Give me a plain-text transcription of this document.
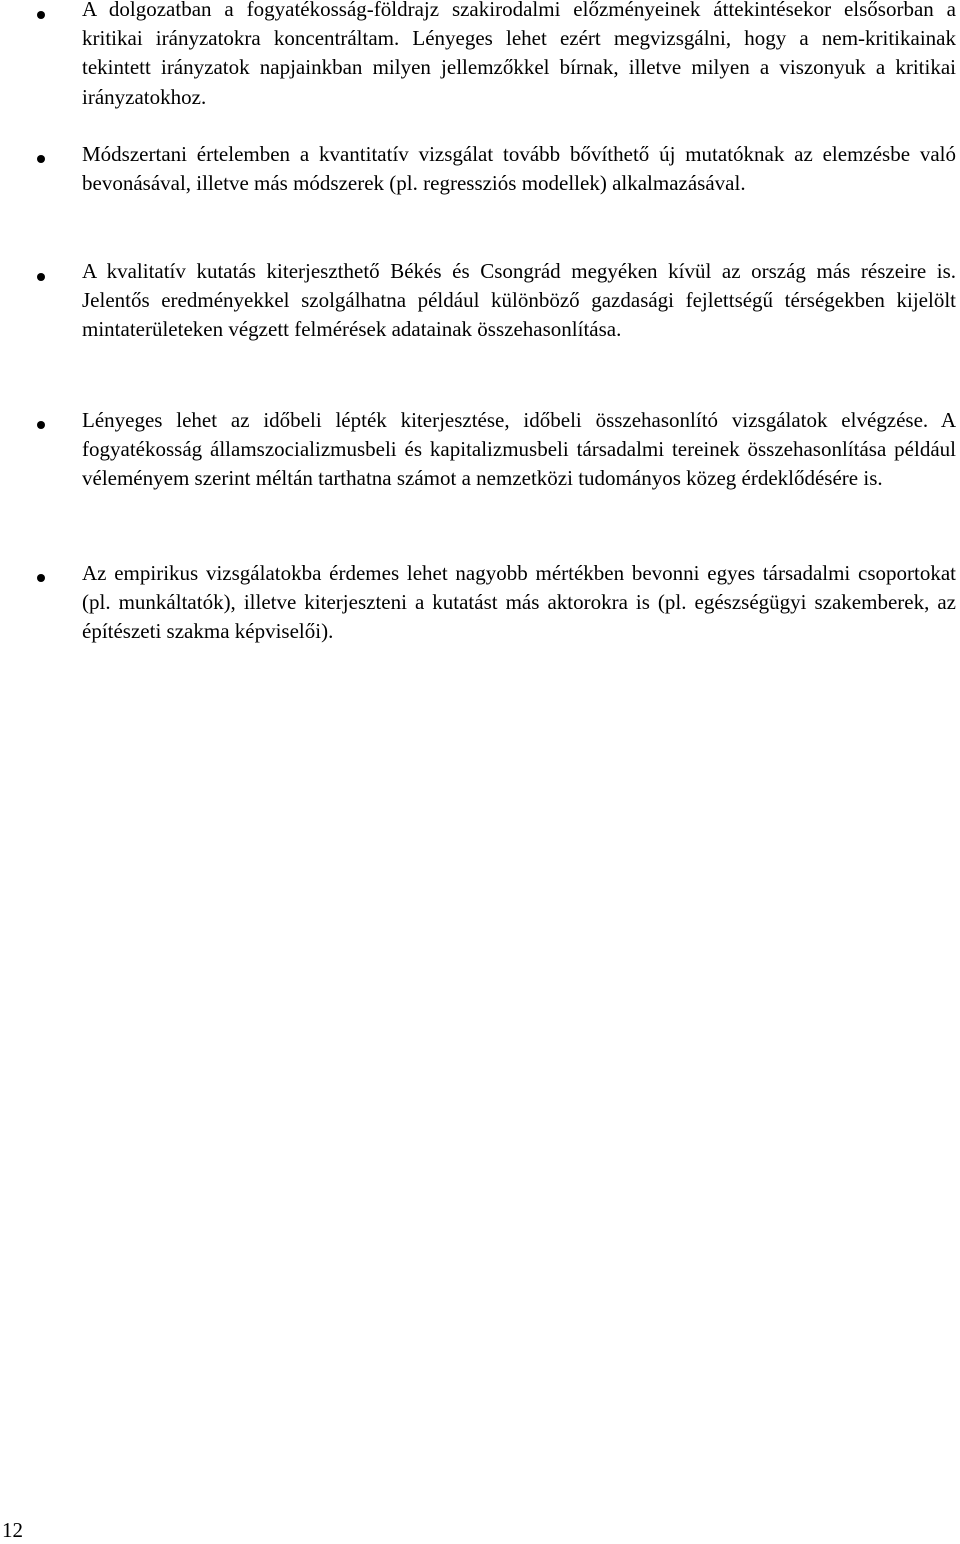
A dolgozatban a fogyatékosság-földrajz szakirodalmi előzményeinek áttekintésekor elsősorban a kritikai irányzatokra koncentráltam. Lényeges lehet ezért megvizsgálni, hogy a nem-kritikainak tekintett irányzatok napjainkban milyen jellemzőkkel bírnak, illetve milyen a viszonyuk a kritikai irányzatokhoz.

Módszertani értelemben a kvantitatív vizsgálat tovább bővíthető új mutatóknak az elemzésbe való bevonásával, illetve más módszerek (pl. regressziós modellek) alkalmazásával.

A kvalitatív kutatás kiterjeszthető Békés és Csongrád megyéken kívül az ország más részeire is. Jelentős eredményekkel szolgálhatna például különböző gazdasági fejlettségű térségekben kijelölt mintaterületeken végzett felmérések adatainak összehasonlítása.

Lényeges lehet az időbeli lépték kiterjesztése, időbeli összehasonlító vizsgálatok elvégzése. A fogyatékosság államszocializmusbeli és kapitalizmusbeli társadalmi tereinek összehasonlítása például véleményem szerint méltán tarthatna számot a nemzetközi tudományos közeg érdeklődésére is.

Az empirikus vizsgálatokba érdemes lehet nagyobb mértékben bevonni egyes társadalmi csoportokat (pl. munkáltatók), illetve kiterjeszteni a kutatást más aktorokra is (pl. egészségügyi szakemberek, az építészeti szakma képviselői).

12
